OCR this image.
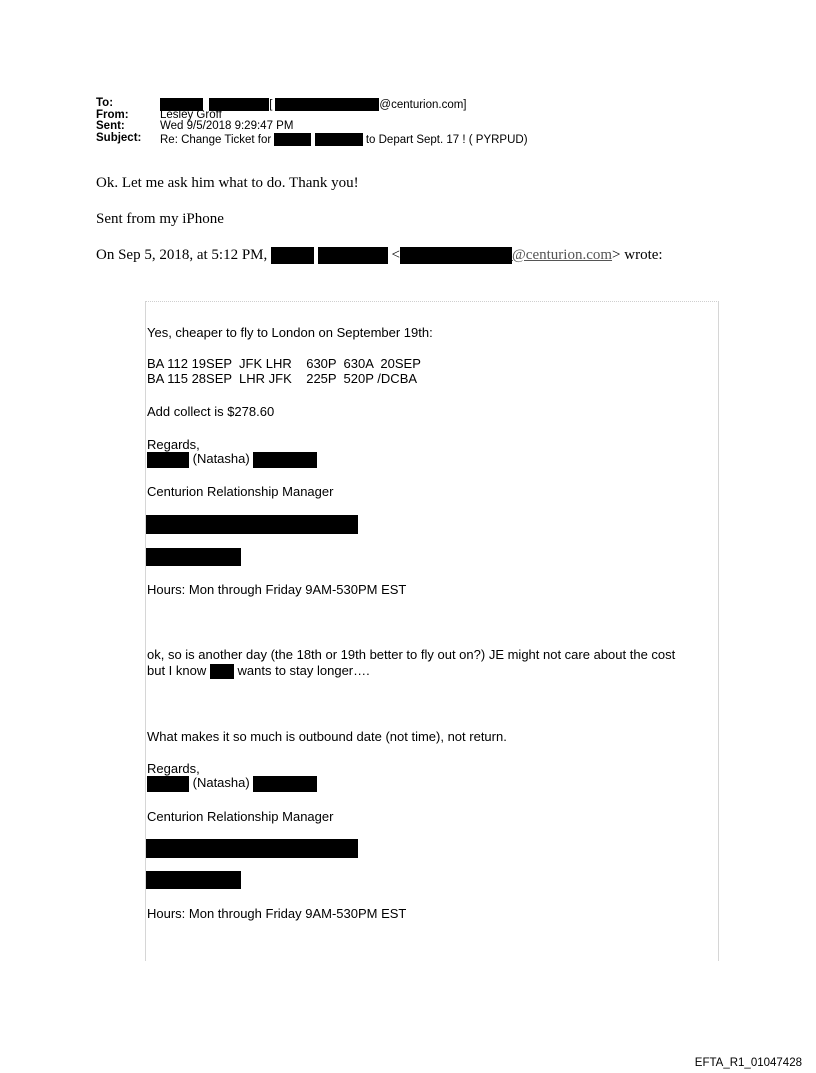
To:	[	@centurion.com]
From:	Lesley Groff
Sent:	Wed 9/5/2018 9:29:47 PM
Subject: Re: Change Ticket for	to Depart Sept. 17 ! ( PYRPUD)
Ok. Let me ask him what to do. Thank you!
Sent from my iPhone
On Sep 5, 2018, at 5:12 PM,	<	@centurion.com> wrote:
Yes, cheaper to fly to London on September 19th:
BA 112 19SEP  JFK LHR    630P  630A  20SEP
BA 115 28SEP  LHR JFK    225P  520P /DCBA
Add collect is $278.60
Regards,
(Natasha)
Centurion Relationship Manager
Hours: Mon through Friday 9AM-530PM EST
ok, so is another day (the 18th or 19th better to fly out on?) JE might not care about the cost
but I know wants to stay longer….
What makes it so much is outbound date (not time), not return.
Regards,
(Natasha)
Centurion Relationship Manager
Hours: Mon through Friday 9AM-530PM EST
EFTA_R1_01047428
